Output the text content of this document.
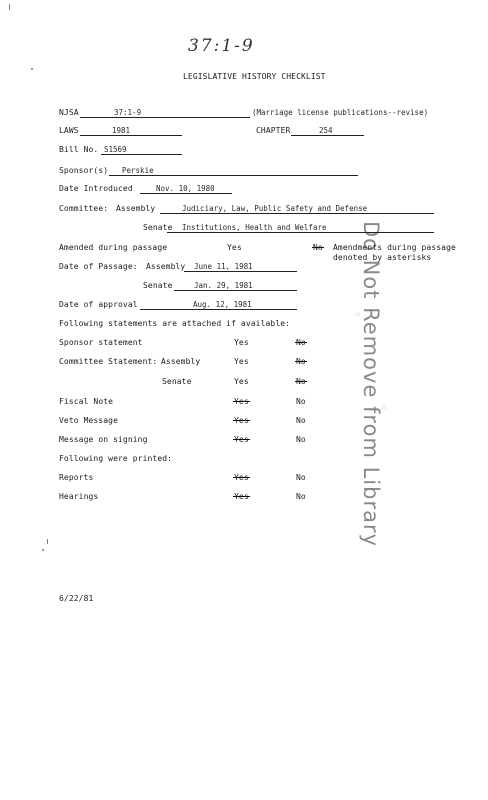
37:1-9
LEGISLATIVE HISTORY CHECKLIST
NJSA	37:1-9	(Marriage license publications--revise)
LAWS	1981	CHAPTER	254
Bill No. S1569
Sponsor(s) Perskie
Date Introduced	Nov. 10, 1980
Committee: Assembly	Judiciary, Law, Public Safety and Defense
Senate Institutions, Health and Welfare
Amended during passage	Yes	No Amendments during passage
denoted by asterisks
Date of Passage: Assembly June 11, 1981
Senate	Jan. 29, 1981
Date of approval	Aug. 12, 1981
Following statements are attached if available:
Sponsor statement	Yes	No
Committee Statement: Assembly	Yes	No
Senate	Yes	No
Fiscal Note	Yes	No
Veto Message	Yes	No
Message on signing	Yes	No
Following were printed:
Reports	Yes	No
Hearings	Yes	No	Do Not Remove from Library
6/22/81
